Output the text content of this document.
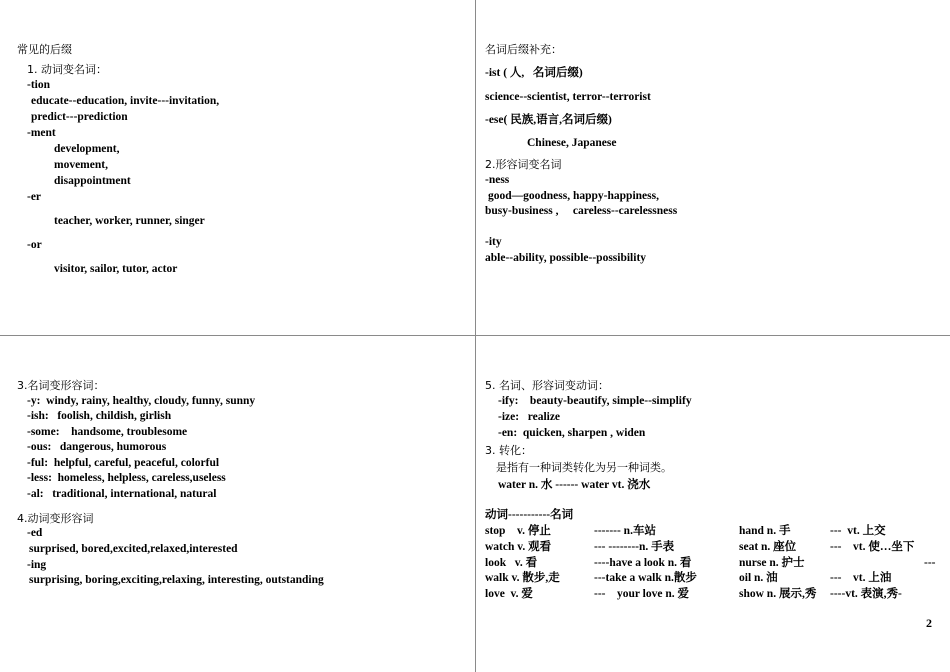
常见的后缀
1. 动词变名词：
-tion
educate--education, invite---invitation,
predict---prediction
-ment
development,
movement,
disappointment
-er
teacher, worker, runner, singer
-or
visitor, sailor, tutor, actor
名词后缀补充：
-ist ( 人,   名词后缀)
science--scientist, terror--terrorist
-ese( 民族,语言,名词后缀)
Chinese, Japanese
2.形容词变名词
-ness
good—goodness, happy-happiness,
busy-business ,     careless--carelessness
-ity
able--ability, possible--possibility
3.名词变形容词：
-y:  windy, rainy, healthy, cloudy, funny, sunny
-ish:   foolish, childish, girlish
-some:    handsome, troublesome
-ous:   dangerous, humorous
-ful:  helpful, careful, peaceful, colorful
-less:  homeless, helpless, careless,useless
-al:   traditional, international, natural
4.动词变形容词
-ed
surprised, bored,excited,relaxed,interested
-ing
surprising, boring,exciting,relaxing, interesting, outstanding
5. 名词、形容词变动词：
-ify:    beauty-beautify, simple--simplify
-ize:   realize
-en:  quicken, sharpen , widen
3. 转化：
是指有一种词类转化为另一种词类。
water n. 水 ------ water vt. 浇水
动词-----------名词
stop    v. 停止	------- n.车站	hand n. 手	---  vt. 上交
watch v. 观看	--- --------n. 手表	seat n. 座位	---    vt. 使…坐下
look   v. 看	----have a look n. 看	nurse n. 护士	---
walk v. 散步,走	---take a walk n.散步	oil n. 油	---    vt. 上油
love  v. 爱	---    your love n. 爱	show n. 展示,秀 ----vt. 表演,秀-
2
